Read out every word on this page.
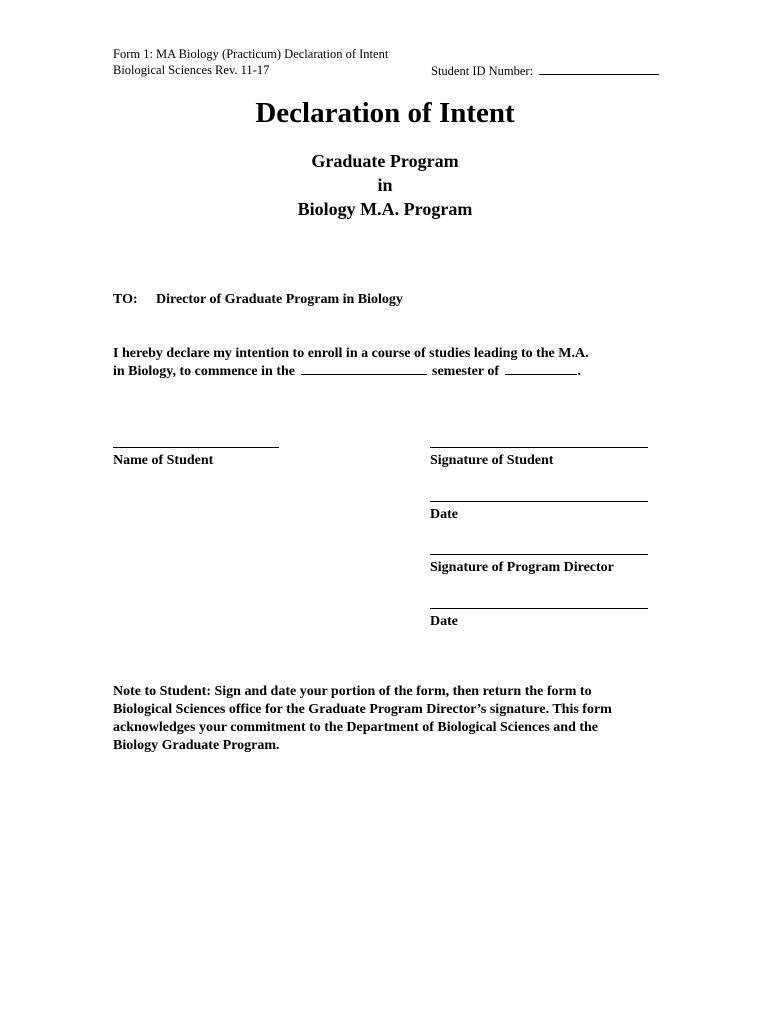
Form 1: MA Biology (Practicum) Declaration of Intent
Biological Sciences Rev. 11-17	Student ID Number:
Declaration of Intent
Graduate Program
in
Biology M.A. Program
TO: Director of Graduate Program in Biology
I hereby declare my intention to enroll in a course of studies leading to the M.A.
in Biology, to commence in the	semester of	.
Name of Student	Signature of Student
Date
Signature of Program Director
Date
Note to Student: Sign and date your portion of the form, then return the form to
Biological Sciences office for the Graduate Program Director’s signature. This form
acknowledges your commitment to the Department of Biological Sciences and the
Biology Graduate Program.
